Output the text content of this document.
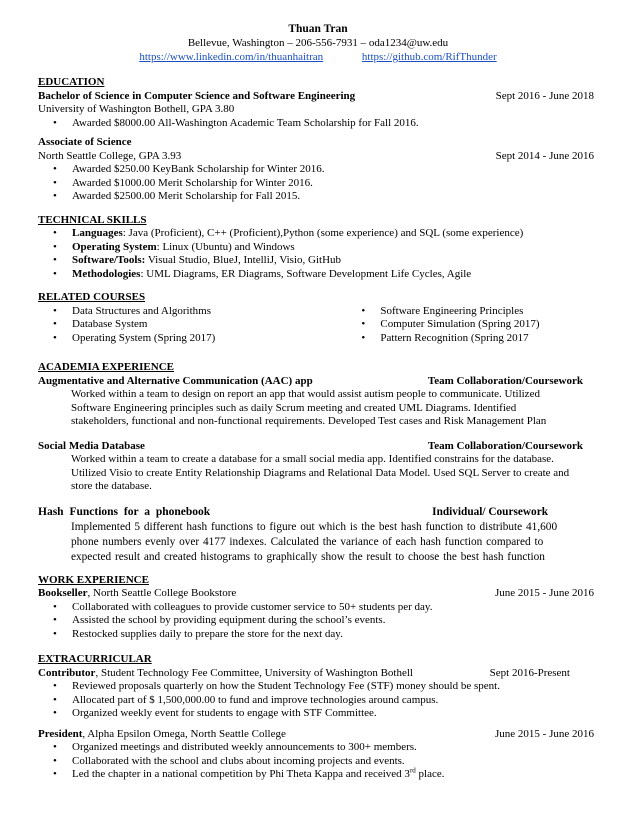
Thuan Tran
Bellevue, Washington – 206-556-7931 – oda1234@uw.edu
https://www.linkedin.com/in/thuanhaitran	https://github.com/RifThunder
EDUCATION
Bachelor of Science in Computer Science and Software Engineering	Sept 2016 - June 2018
University of Washington Bothell, GPA 3.80
• Awarded $8000.00 All-Washington Academic Team Scholarship for Fall 2016.
Associate of Science
North Seattle College, GPA 3.93	Sept 2014 - June 2016
• Awarded $250.00 KeyBank Scholarship for Winter 2016.
• Awarded $1000.00 Merit Scholarship for Winter 2016.
• Awarded $2500.00 Merit Scholarship for Fall 2015.
TECHNICAL SKILLS
• Languages: Java (Proficient), C++ (Proficient),Python (some experience) and SQL (some experience)
• Operating System: Linux (Ubuntu) and Windows
• Software/Tools: Visual Studio, BlueJ, IntelliJ, Visio, GitHub
• Methodologies: UML Diagrams, ER Diagrams, Software Development Life Cycles, Agile
RELATED COURSES
• Data Structures and Algorithms
• Database System
• Operating System (Spring 2017)
• Software Engineering Principles
• Computer Simulation (Spring 2017)
• Pattern Recognition (Spring 2017
ACADEMIA EXPERIENCE
Augmentative and Alternative Communication (AAC) app	Team Collaboration/Coursework
Worked within a team to design on report an app that would assist autism people to communicate. Utilized
Software Engineering principles such as daily Scrum meeting and created UML Diagrams. Identified
stakeholders, functional and non-functional requirements. Developed Test cases and Risk Management Plan
Social Media Database	Team Collaboration/Coursework
Worked within a team to create a database for a small social media app. Identified constrains for the database.
Utilized Visio to create Entity Relationship Diagrams and Relational Data Model. Used SQL Server to create and
store the database.
Hash Functions for a phonebook	Individual/ Coursework
Implemented 5 different hash functions to figure out which is the best hash function to distribute 41,600
phone numbers evenly over 4177 indexes. Calculated the variance of each hash function compared to
expected result and created histograms to graphically show the result to choose the best hash function
WORK EXPERIENCE
Bookseller, North Seattle College Bookstore	June 2015 - June 2016
• Collaborated with colleagues to provide customer service to 50+ students per day.
• Assisted the school by providing equipment during the school’s events.
• Restocked supplies daily to prepare the store for the next day.
EXTRACURRICULAR
Contributor, Student Technology Fee Committee, University of Washington Bothell	Sept 2016-Present
• Reviewed proposals quarterly on how the Student Technology Fee (STF) money should be spent.
• Allocated part of $ 1,500,000.00 to fund and improve technologies around campus.
• Organized weekly event for students to engage with STF Committee.
President, Alpha Epsilon Omega, North Seattle College	June 2015 - June 2016
• Organized meetings and distributed weekly announcements to 300+ members.
• Collaborated with the school and clubs about incoming projects and events.
• Led the chapter in a national competition by Phi Theta Kappa and received 3rd place.
